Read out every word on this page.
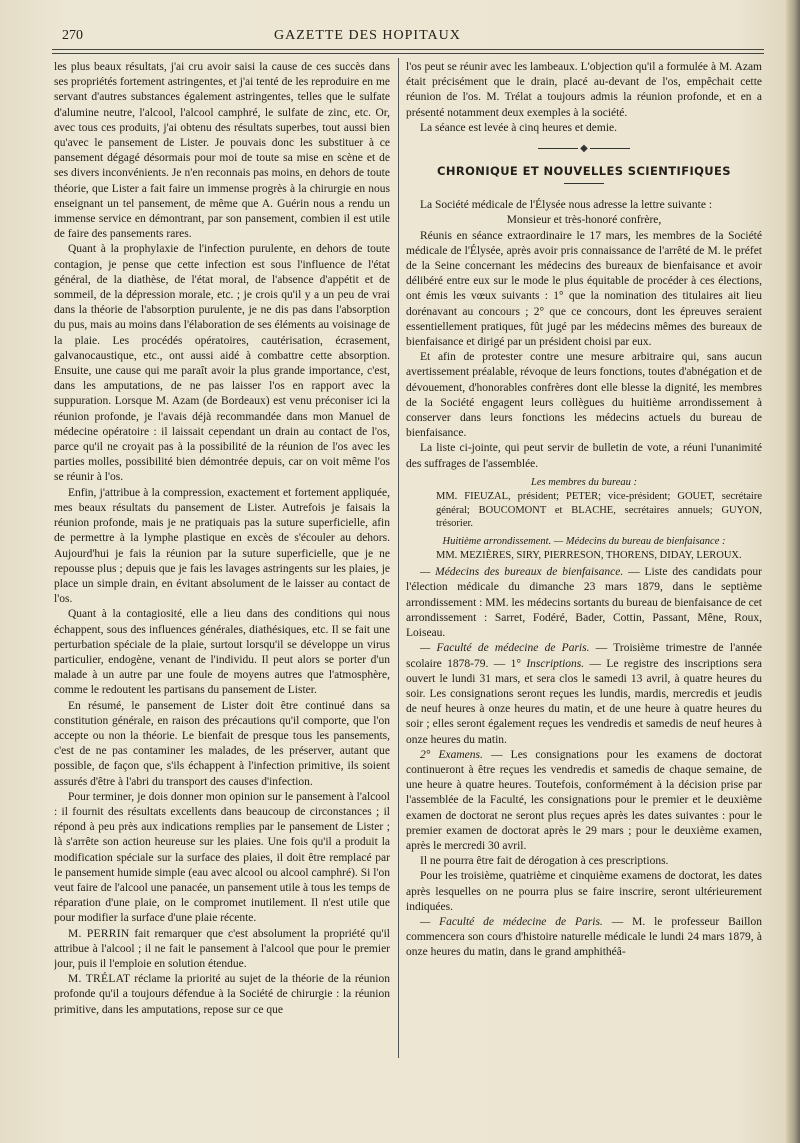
270	GAZETTE DES HOPITAUX

les plus beaux résultats, j'ai cru avoir saisi la cause de ces succès dans ses propriétés fortement astringentes, et j'ai tenté de les reproduire en me servant d'autres substances également astringentes, telles que le sulfate d'alumine neutre, l'alcool, l'alcool camphré, le sulfate de zinc, etc. Or, avec tous ces produits, j'ai obtenu des résultats superbes, tout aussi bien qu'avec le pansement de Lister. Je pouvais donc les substituer à ce pansement dégagé désormais pour moi de toute sa mise en scène et de ses divers inconvénients. Je n'en reconnais pas moins, en dehors de toute théorie, que Lister a fait faire un immense progrès à la chirurgie en nous enseignant un tel pansement, de même que A. Guérin nous a rendu un immense service en démontrant, par son pansement, combien il est utile de faire des pansements rares.

Quant à la prophylaxie de l'infection purulente, en dehors de toute contagion, je pense que cette infection est sous l'influence de l'état général, de la diathèse, de l'état moral, de l'absence d'appétit et de sommeil, de la dépression morale, etc. ; je crois qu'il y a un peu de vrai dans la théorie de l'absorption purulente, je ne dis pas dans l'absorption du pus, mais au moins dans l'élaboration de ses éléments au voisinage de la plaie. Les procédés opératoires, cautérisation, écrasement, galvanocaustique, etc., ont aussi aidé à combattre cette absorption. Ensuite, une cause qui me paraît avoir la plus grande importance, c'est, dans les amputations, de ne pas laisser l'os en rapport avec la suppuration. Lorsque M. Azam (de Bordeaux) est venu préconiser ici la réunion profonde, je l'avais déjà recommandée dans mon Manuel de médecine opératoire : il laissait cependant un drain au contact de l'os, parce qu'il ne croyait pas à la possibilité de la réunion de l'os avec les parties molles, possibilité bien démontrée depuis, car on voit même l'os se réunir à l'os.

Enfin, j'attribue à la compression, exactement et fortement appliquée, mes beaux résultats du pansement de Lister. Autrefois je faisais la réunion profonde, mais je ne pratiquais pas la suture superficielle, afin de permettre à la lymphe plastique en excès de s'écouler au dehors. Aujourd'hui je fais la réunion par la suture superficielle, que je ne repousse plus ; depuis que je fais les lavages astringents sur les plaies, je place un simple drain, en évitant absolument de le laisser au contact de l'os.

Quant à la contagiosité, elle a lieu dans des conditions qui nous échappent, sous des influences générales, diathésiques, etc. Il se fait une perturbation spéciale de la plaie, surtout lorsqu'il se développe un virus particulier, endogène, venant de l'individu. Il peut alors se porter d'un malade à un autre par une foule de moyens autres que l'atmosphère, comme le redoutent les partisans du pansement de Lister.

En résumé, le pansement de Lister doit être continué dans sa constitution générale, en raison des précautions qu'il comporte, que l'on accepte ou non la théorie. Le bienfait de presque tous les pansements, c'est de ne pas contaminer les malades, de les préserver, autant que possible, de façon que, s'ils échappent à l'infection primitive, ils soient assurés d'être à l'abri du transport des causes d'infection.

Pour terminer, je dois donner mon opinion sur le pansement à l'alcool : il fournit des résultats excellents dans beaucoup de circonstances ; il répond à peu près aux indications remplies par le pansement de Lister ; là s'arrête son action heureuse sur les plaies. Une fois qu'il a produit la modification spéciale sur la surface des plaies, il doit être remplacé par le pansement humide simple (eau avec alcool ou alcool camphré). Si l'on veut faire de l'alcool une panacée, un pansement utile à tous les temps de réparation d'une plaie, on le compromet inutilement. Il n'est utile que pour modifier la surface d'une plaie récente.

M. PERRIN fait remarquer que c'est absolument la propriété qu'il attribue à l'alcool ; il ne fait le pansement à l'alcool que pour le premier jour, puis il l'emploie en solution étendue.

M. TRÉLAT réclame la priorité au sujet de la théorie de la réunion profonde qu'il a toujours défendue à la Société de chirurgie : la réunion primitive, dans les amputations, repose sur ce que

l'os peut se réunir avec les lambeaux. L'objection qu'il a formulée à M. Azam était précisément que le drain, placé au-devant de l'os, empêchait cette réunion de l'os. M. Trélat a toujours admis la réunion profonde, et en a présenté notamment deux exemples à la société.

La séance est levée à cinq heures et demie.

◆
CHRONIQUE ET NOUVELLES SCIENTIFIQUES

La Société médicale de l'Élysée nous adresse la lettre suivante :

Monsieur et très-honoré confrère,

Réunis en séance extraordinaire le 17 mars, les membres de la Société médicale de l'Élysée, après avoir pris connaissance de l'arrêté de M. le préfet de la Seine concernant les médecins des bureaux de bienfaisance et avoir délibéré entre eux sur le mode le plus équitable de procéder à ces élections, ont émis les vœux suivants : 1° que la nomination des titulaires ait lieu dorénavant au concours ; 2° que ce concours, dont les épreuves seraient essentiellement pratiques, fût jugé par les médecins mêmes des bureaux de bienfaisance et dirigé par un président choisi par eux.

Et afin de protester contre une mesure arbitraire qui, sans aucun avertissement préalable, révoque de leurs fonctions, toutes d'abnégation et de dévouement, d'honorables confrères dont elle blesse la dignité, les membres de la Société engagent leurs collègues du huitième arrondissement à conserver dans leurs fonctions les médecins actuels du bureau de bienfaisance.

La liste ci-jointe, qui peut servir de bulletin de vote, a réuni l'unanimité des suffrages de l'assemblée.

Les membres du bureau :
MM. FIEUZAL, président; PETER; vice-président; GOUET, secrétaire général; BOUCOMONT et BLACHE, secrétaires annuels; GUYON, trésorier.
Huitième arrondissement. — Médecins du bureau de bienfaisance :
MM. MEZIÈRES, SIRY, PIERRESON, THORENS, DIDAY, LEROUX.

— Médecins des bureaux de bienfaisance. — Liste des candidats pour l'élection médicale du dimanche 23 mars 1879, dans le septième arrondissement : MM. les médecins sortants du bureau de bienfaisance de cet arrondissement : Sarret, Fodéré, Bader, Cottin, Passant, Mêne, Roux, Loiseau.

— Faculté de médecine de Paris. — Troisième trimestre de l'année scolaire 1878-79. — 1° Inscriptions. — Le registre des inscriptions sera ouvert le lundi 31 mars, et sera clos le samedi 13 avril, à quatre heures du soir. Les consignations seront reçues les lundis, mardis, mercredis et jeudis de neuf heures à onze heures du matin, et de une heure à quatre heures du soir ; elles seront également reçues les vendredis et samedis de neuf heures à onze heures du matin.

2° Examens. — Les consignations pour les examens de doctorat continueront à être reçues les vendredis et samedis de chaque semaine, de une heure à quatre heures. Toutefois, conformément à la décision prise par l'assemblée de la Faculté, les consignations pour le premier et le deuxième examen de doctorat ne seront plus reçues après les dates suivantes : pour le premier examen de doctorat après le 29 mars ; pour le deuxième examen, après le mercredi 30 avril.

Il ne pourra être fait de dérogation à ces prescriptions.

Pour les troisième, quatrième et cinquième examens de doctorat, les dates après lesquelles on ne pourra plus se faire inscrire, seront ultérieurement indiquées.

— Faculté de médecine de Paris. — M. le professeur Baillon commencera son cours d'histoire naturelle médicale le lundi 24 mars 1879, à onze heures du matin, dans le grand amphithéâ-
